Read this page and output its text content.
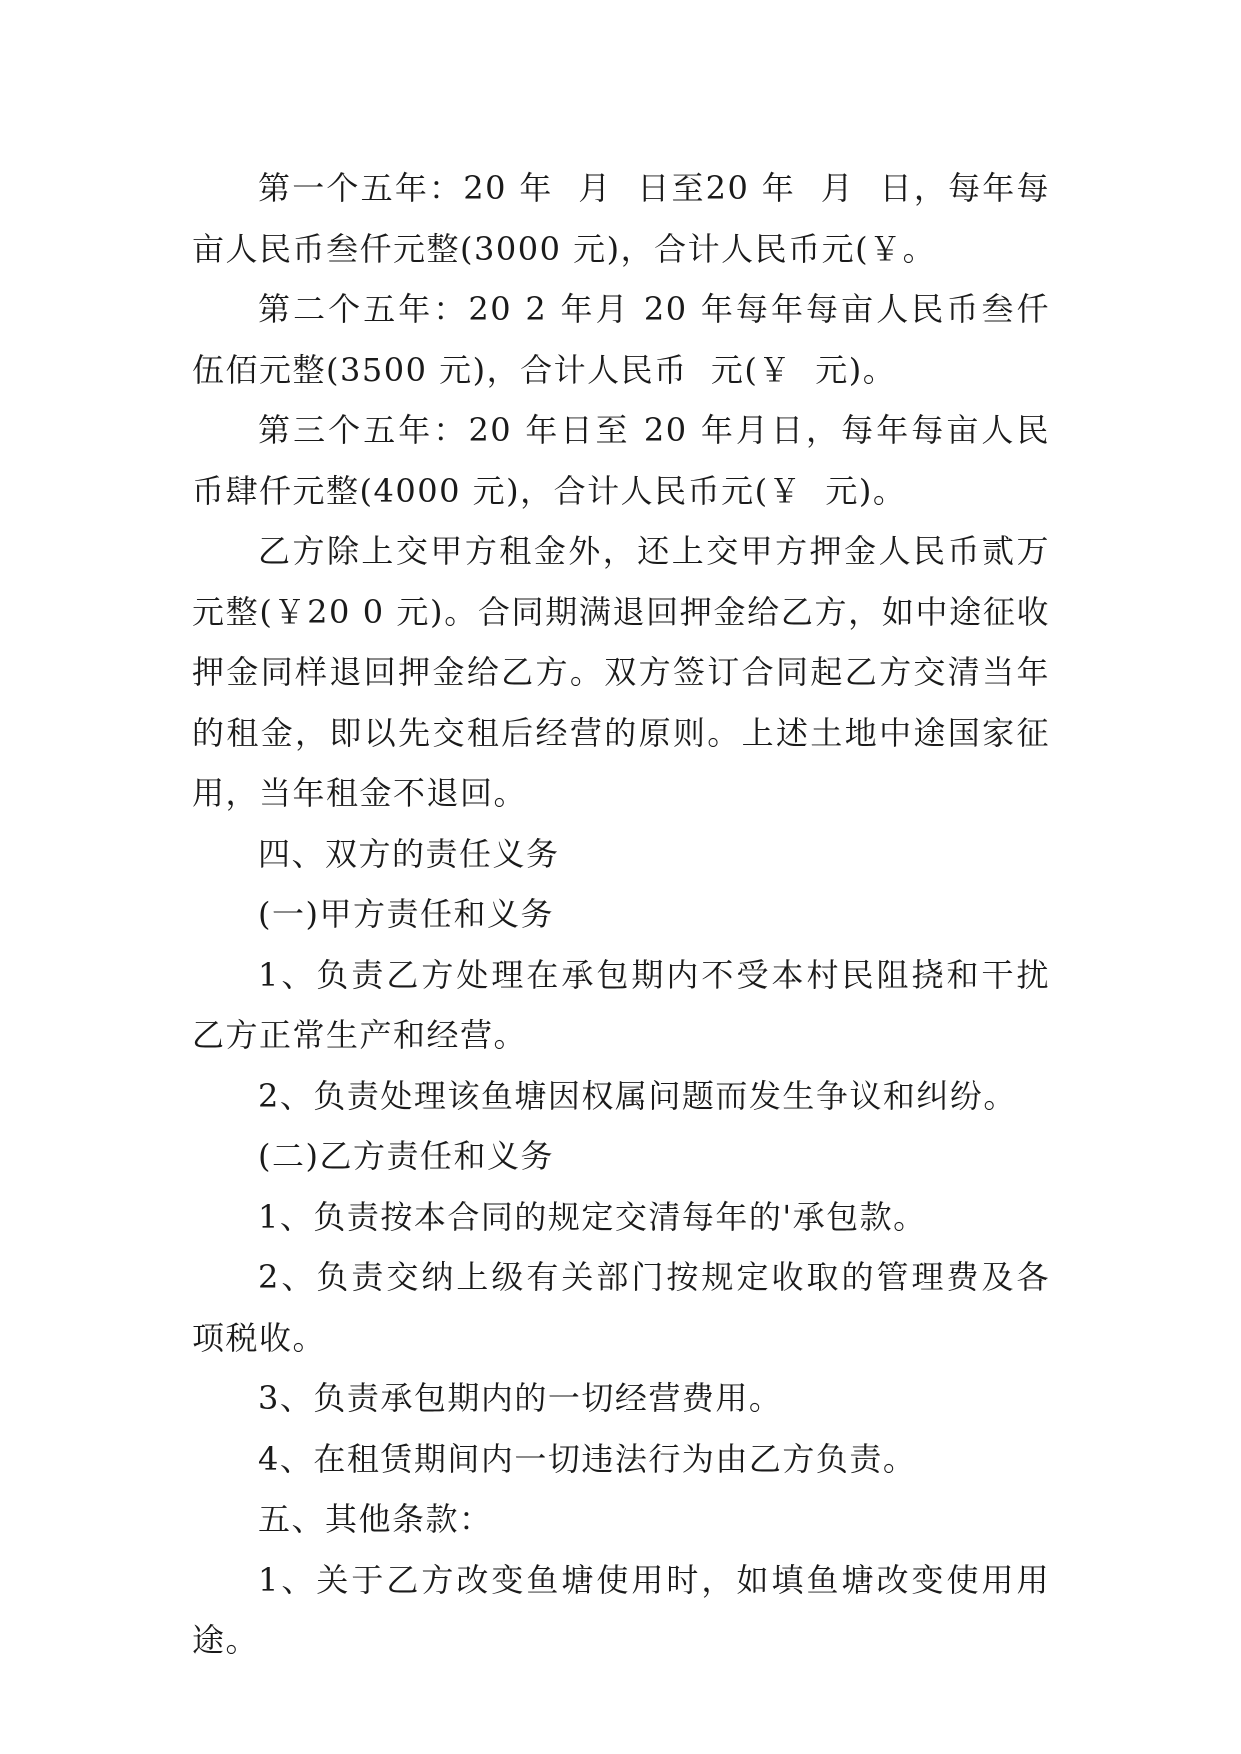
第一个五年：20 年  月  日至20 年  月  日，每年每亩人民币叁仟元整(3000 元)，合计人民币元(￥。

第二个五年：20 2 年月 20 年每年每亩人民币叁仟伍佰元整(3500 元)，合计人民币  元(￥  元)。

第三个五年：20 年日至 20 年月日，每年每亩人民币肆仟元整(4000 元)，合计人民币元(￥  元)。

乙方除上交甲方租金外，还上交甲方押金人民币贰万元整(￥20 0 元)。合同期满退回押金给乙方，如中途征收押金同样退回押金给乙方。双方签订合同起乙方交清当年的租金，即以先交租后经营的原则。上述土地中途国家征用，当年租金不退回。

四、双方的责任义务

(一)甲方责任和义务

1、负责乙方处理在承包期内不受本村民阻挠和干扰乙方正常生产和经营。

2、负责处理该鱼塘因权属问题而发生争议和纠纷。

(二)乙方责任和义务

1、负责按本合同的规定交清每年的'承包款。

2、负责交纳上级有关部门按规定收取的管理费及各项税收。

3、负责承包期内的一切经营费用。

4、在租赁期间内一切违法行为由乙方负责。

五、其他条款：

1、关于乙方改变鱼塘使用时，如填鱼塘改变使用用途。
